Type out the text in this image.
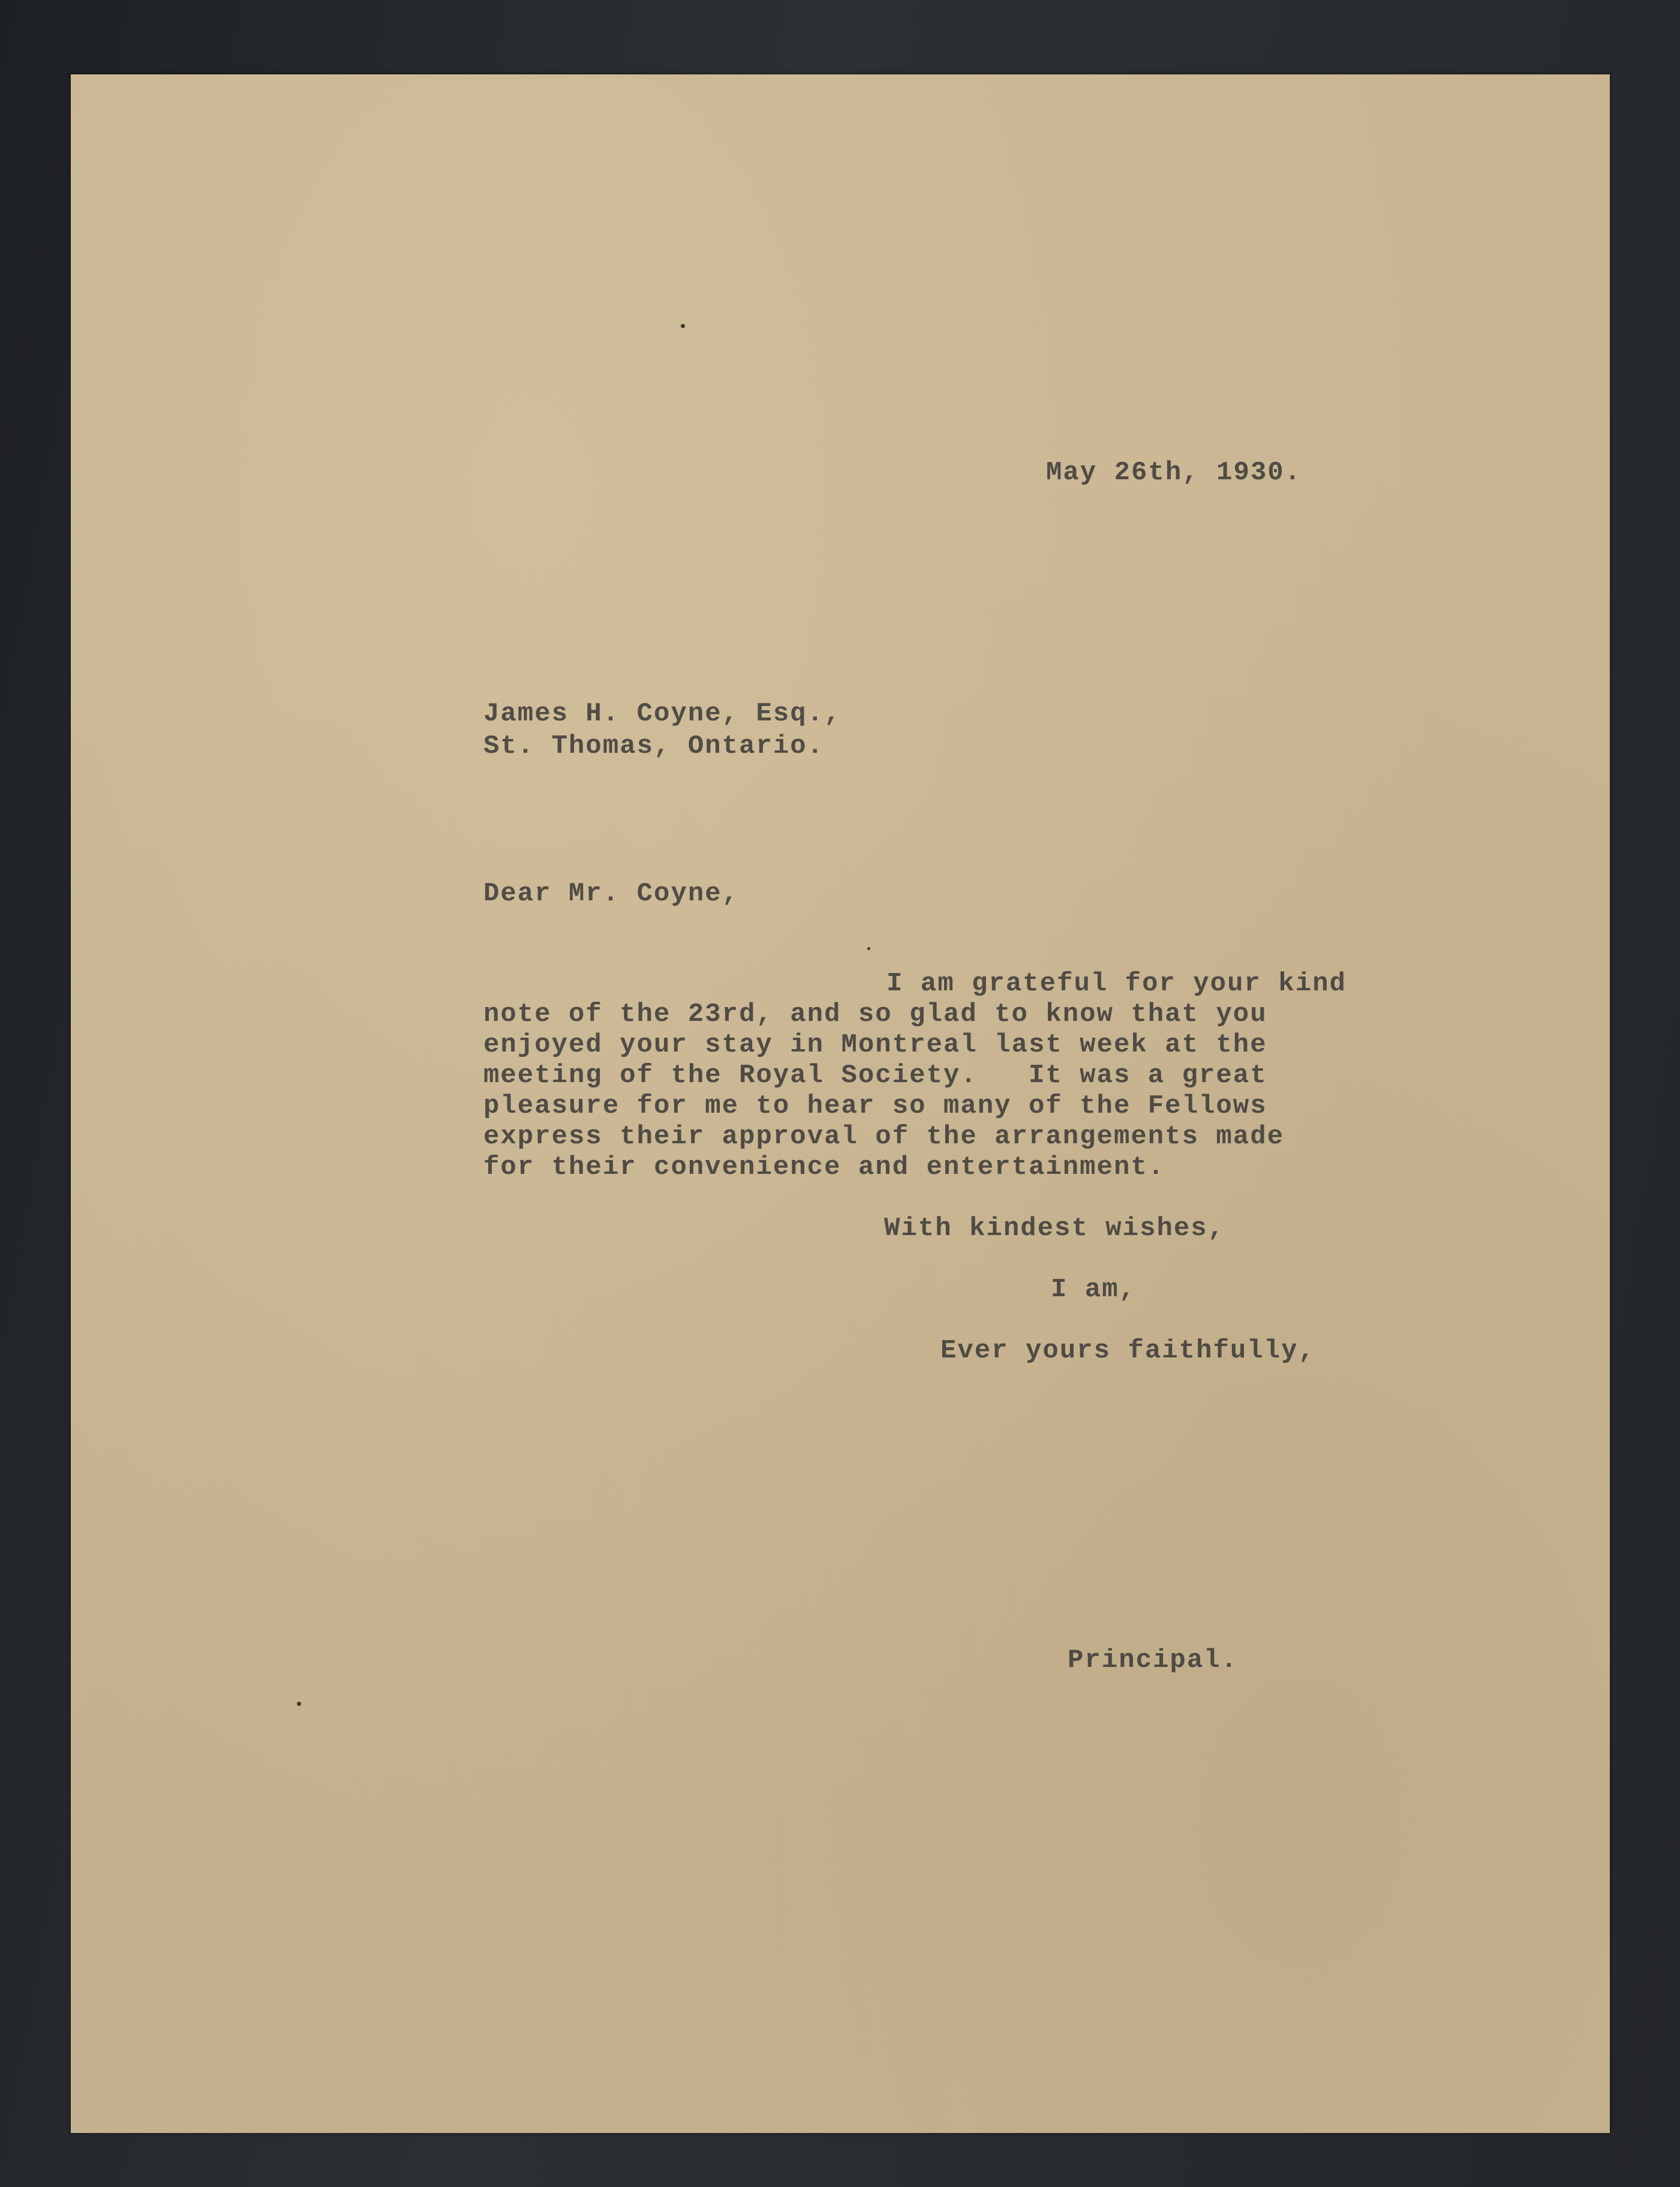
May 26th, 1930.
James H. Coyne, Esq.,
St. Thomas, Ontario.
Dear Mr. Coyne,
I am grateful for your kind
note of the 23rd, and so glad to know that you
enjoyed your stay in Montreal last week at the
meeting of the Royal Society.   It was a great
pleasure for me to hear so many of the Fellows
express their approval of the arrangements made
for their convenience and entertainment.
With kindest wishes,
I am,
Ever yours faithfully,
Principal.
